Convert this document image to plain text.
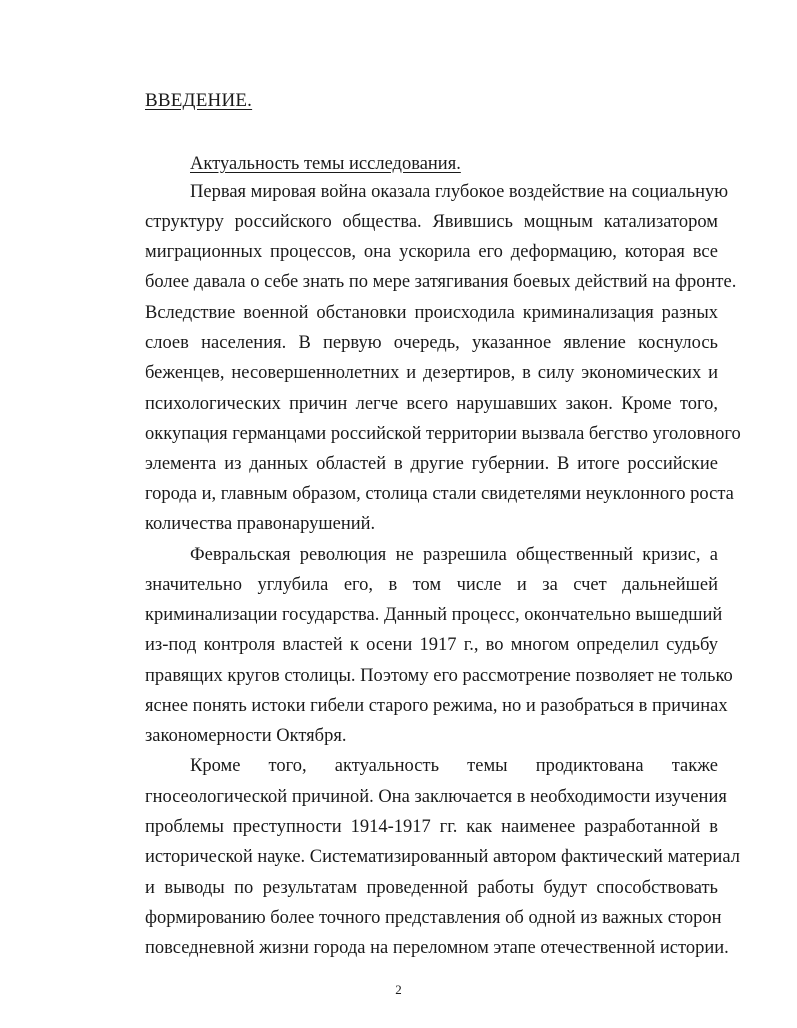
ВВЕДЕНИЕ.
Актуальность темы исследования.

Первая мировая война оказала глубокое воздействие на социальную

структуру российского общества. Явившись мощным катализатором

миграционных процессов, она ускорила его деформацию, которая все

более давала о себе знать по мере затягивания боевых действий на фронте.

Вследствие военной обстановки происходила криминализация разных

слоев населения. В первую очередь, указанное явление коснулось

беженцев, несовершеннолетних и дезертиров, в силу экономических и

психологических причин легче всего нарушавших закон. Кроме того,

оккупация германцами российской территории вызвала бегство уголовного

элемента из данных областей в другие губернии. В итоге российские

города и, главным образом, столица стали свидетелями неуклонного роста

количества правонарушений.

Февральская революция не разрешила общественный кризис, а

значительно углубила его, в том числе и за счет дальнейшей

криминализации государства. Данный процесс, окончательно вышедший

из-под контроля властей к осени 1917 г., во многом определил судьбу

правящих кругов столицы. Поэтому его рассмотрение позволяет не только

яснее понять истоки гибели старого режима, но и разобраться в причинах

закономерности Октября.

Кроме того, актуальность темы продиктована также

гносеологической причиной. Она заключается в необходимости изучения

проблемы преступности 1914-1917 гг. как наименее разработанной в

исторической науке. Систематизированный автором фактический материал

и выводы по результатам проведенной работы будут способствовать

формированию более точного представления об одной из важных сторон

повседневной жизни города на переломном этапе отечественной истории.

2
